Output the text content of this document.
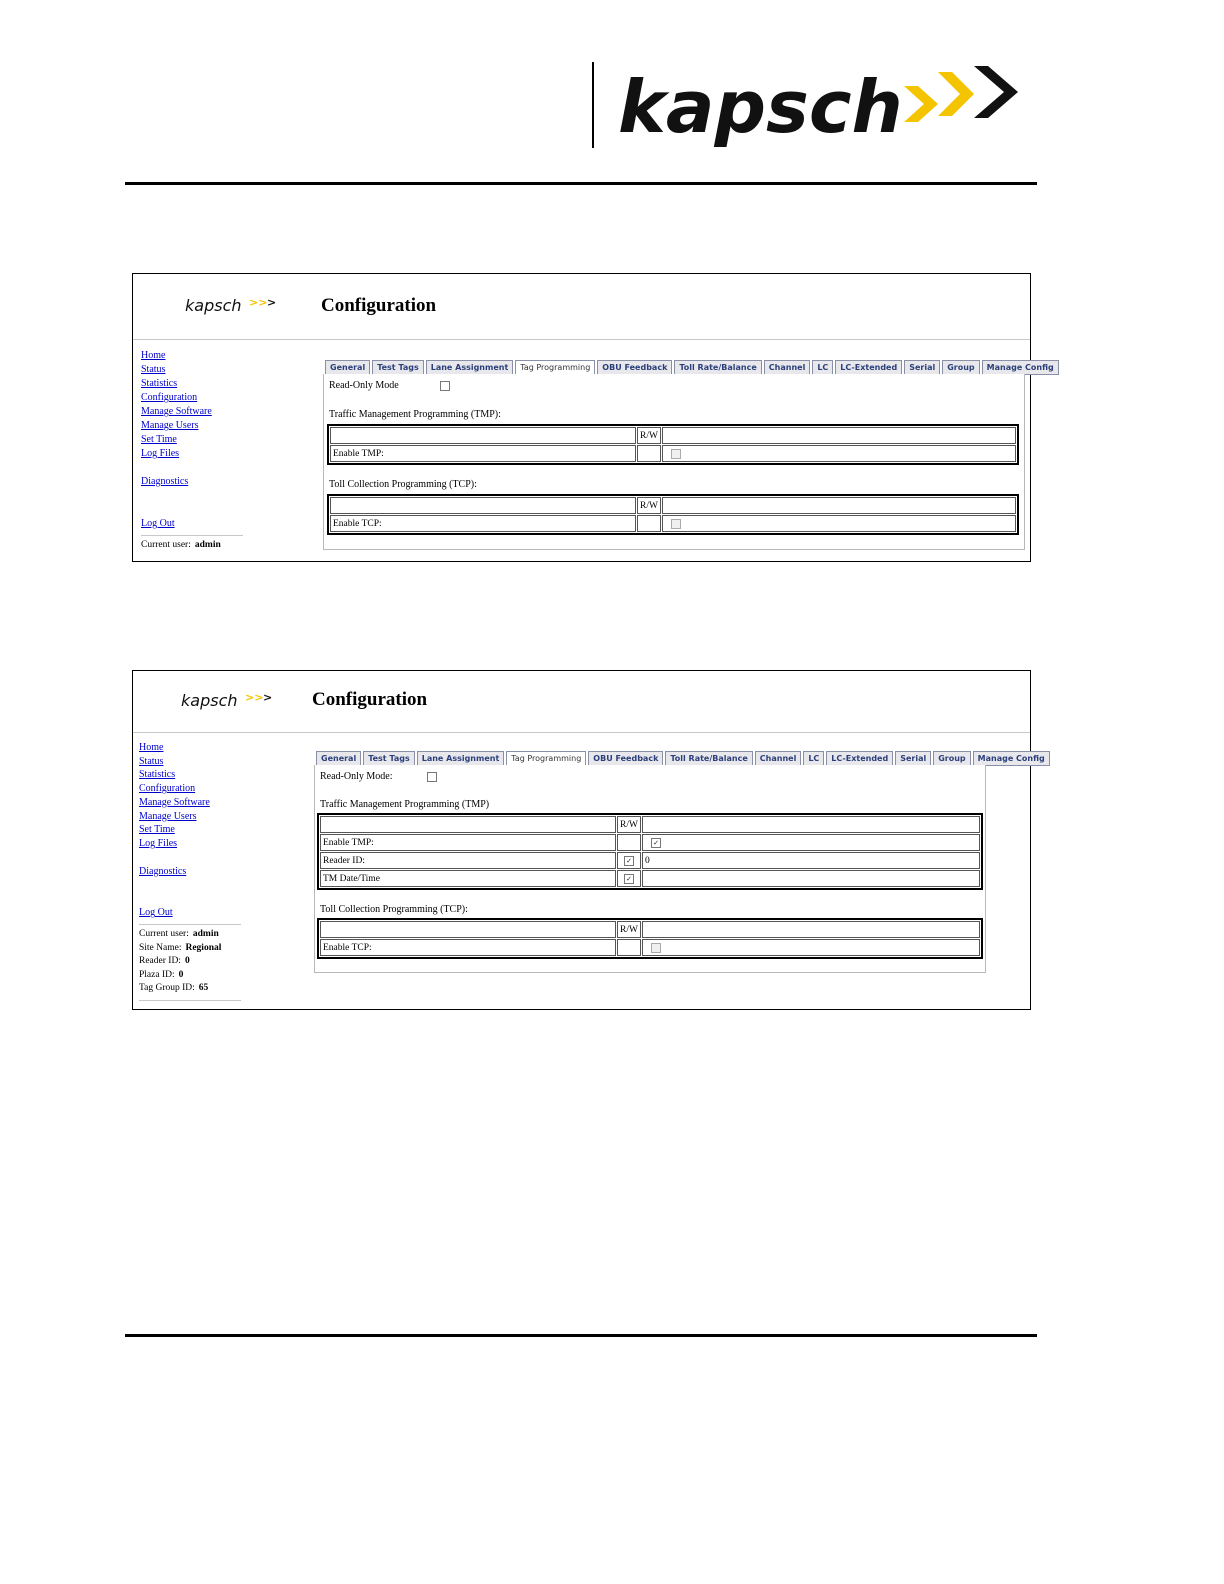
kapsch
kapsch >> > Configuration
Home
Status
Statistics
Configuration
Manage Software
Manage Users
Set Time
Log Files
Diagnostics
Log Out
Current user: admin
General	Test Tags	Lane Assignment	Tag Programming	OBU Feedback	Toll Rate/Balance	Channel	LC	LC-Extended	Serial	Group	Manage Config
Read-Only Mode
Traffic Management Programming (TMP):
	R/W	
Enable TMP:		
Toll Collection Programming (TCP):
	R/W	
Enable TCP:		
kapsch >> > Configuration
Home
Status
Statistics
Configuration
Manage Software
Manage Users
Set Time
Log Files
Diagnostics
Log Out
Current user: admin
Site Name: Regional
Reader ID: 0
Plaza ID: 0
Tag Group ID: 65
General	Test Tags	Lane Assignment	Tag Programming	OBU Feedback	Toll Rate/Balance	Channel	LC	LC-Extended	Serial	Group	Manage Config
Read-Only Mode:
Traffic Management Programming (TMP)
	R/W	
Enable TMP:		✓

Reader ID:	✓	0
TM Date/Time	✓	

Toll Collection Programming (TCP):
	R/W	
Enable TCP:		
